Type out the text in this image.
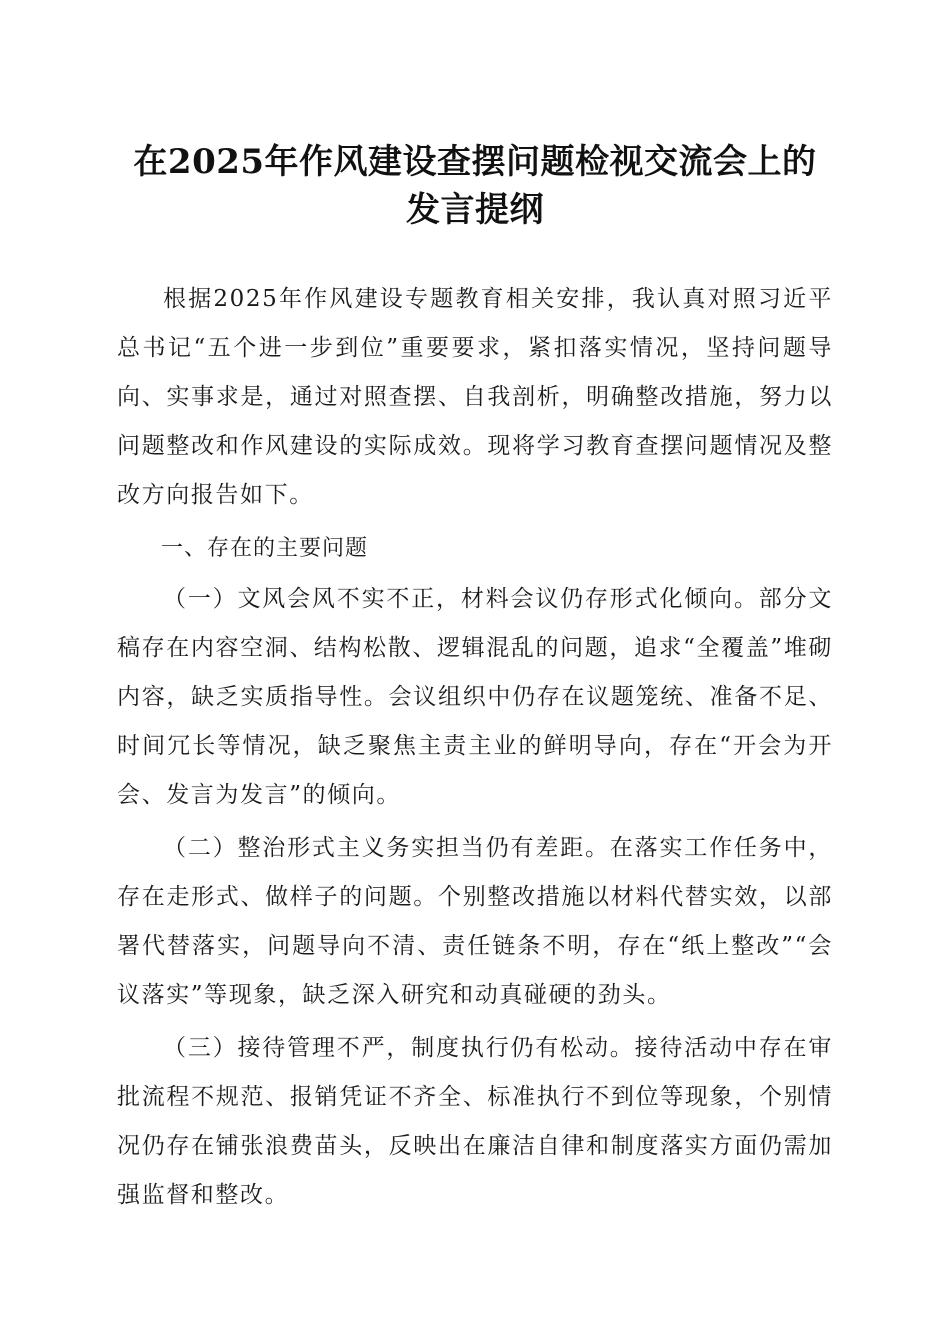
在2025年作风建设查摆问题检视交流会上的
发言提纲

根据2025年作风建设专题教育相关安排，我认真对照习近平总书记“五个进一步到位”重要要求，紧扣落实情况，坚持问题导向、实事求是，通过对照查摆、自我剖析，明确整改措施，努力以问题整改和作风建设的实际成效。现将学习教育查摆问题情况及整改方向报告如下。

一、存在的主要问题

（一）文风会风不实不正，材料会议仍存形式化倾向。部分文稿存在内容空洞、结构松散、逻辑混乱的问题，追求“全覆盖”堆砌内容，缺乏实质指导性。会议组织中仍存在议题笼统、准备不足、时间冗长等情况，缺乏聚焦主责主业的鲜明导向，存在“开会为开会、发言为发言”的倾向。

（二）整治形式主义务实担当仍有差距。在落实工作任务中，存在走形式、做样子的问题。个别整改措施以材料代替实效，以部署代替落实，问题导向不清、责任链条不明，存在“纸上整改”“会议落实”等现象，缺乏深入研究和动真碰硬的劲头。

（三）接待管理不严，制度执行仍有松动。接待活动中存在审批流程不规范、报销凭证不齐全、标准执行不到位等现象，个别情况仍存在铺张浪费苗头，反映出在廉洁自律和制度落实方面仍需加强监督和整改。
